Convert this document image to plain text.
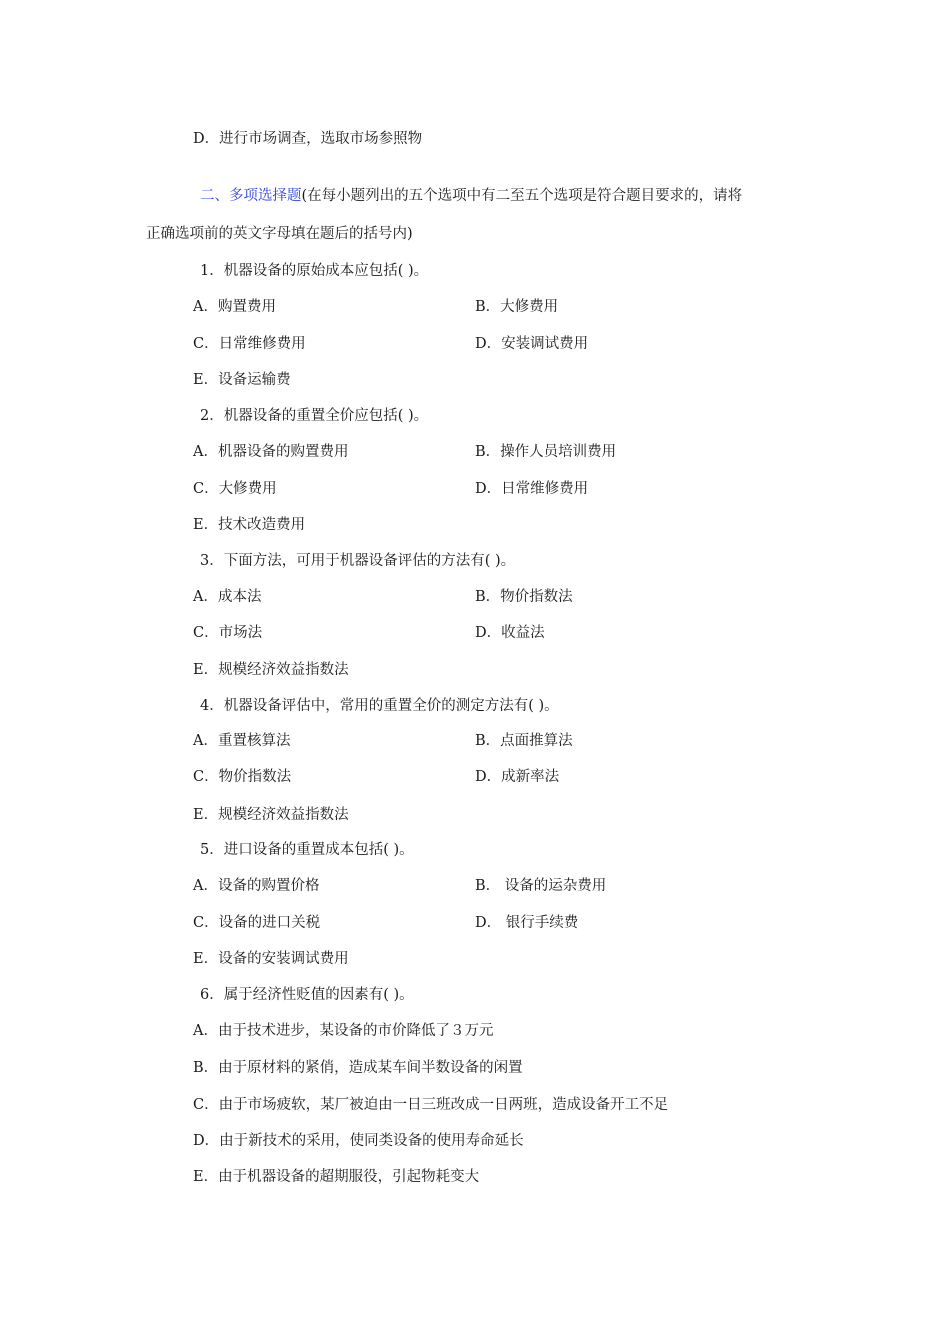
D．进行市场调查，选取市场参照物
二、多项选择题(在每小题列出的五个选项中有二至五个选项是符合题目要求的，请将
正确选项前的英文字母填在题后的括号内)
1．机器设备的原始成本应包括( )。
A．购置费用	B．大修费用
C．日常维修费用	D．安装调试费用
E．设备运输费
2．机器设备的重置全价应包括( )。
A．机器设备的购置费用	B．操作人员培训费用
C．大修费用	D．日常维修费用
E．技术改造费用
3．下面方法，可用于机器设备评估的方法有( )。
A．成本法	B．物价指数法
C．市场法	D．收益法
E．规模经济效益指数法
4．机器设备评估中，常用的重置全价的测定方法有( )。
A．重置核算法	B．点面推算法
C．物价指数法	D．成新率法
E．规模经济效益指数法
5．进口设备的重置成本包括( )。
A．设备的购置价格	B． 设备的运杂费用
C．设备的进口关税	D． 银行手续费
E．设备的安装调试费用
6．属于经济性贬值的因素有( )。
A．由于技术进步，某设备的市价降低了３万元
B．由于原材料的紧俏，造成某车间半数设备的闲置
C．由于市场疲软，某厂被迫由一日三班改成一日两班，造成设备开工不足
D．由于新技术的采用，使同类设备的使用寿命延长
E．由于机器设备的超期服役，引起物耗变大
